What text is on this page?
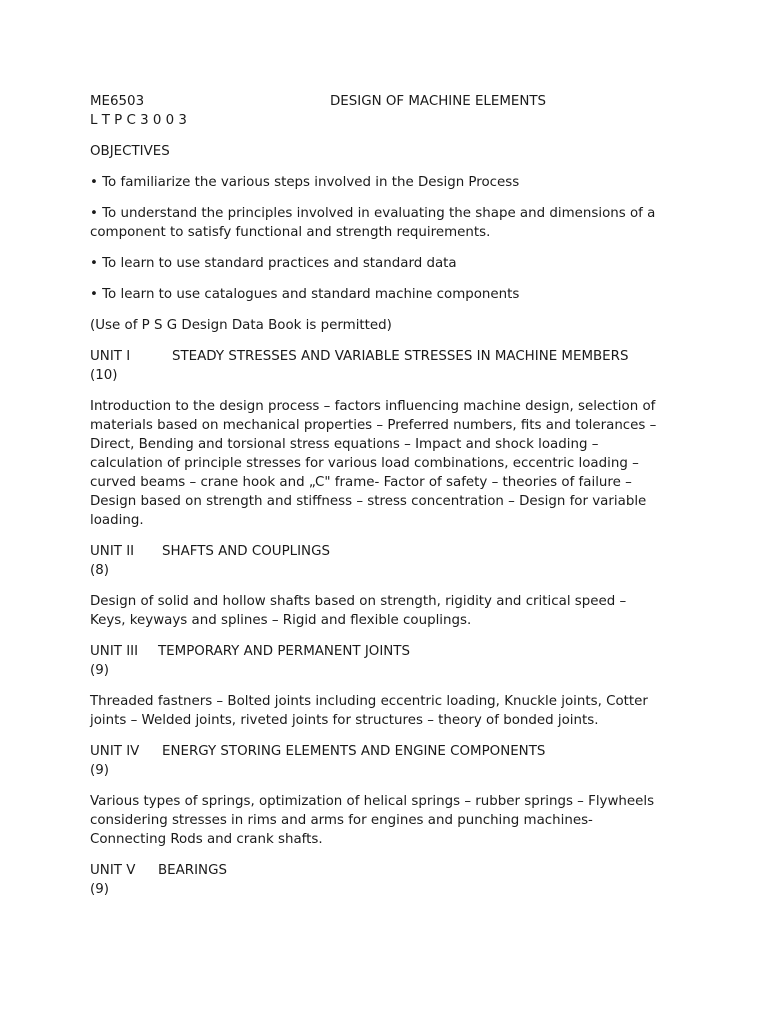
ME6503	DESIGN OF MACHINE ELEMENTS
L T P C 3 0 0 3
OBJECTIVES
• To familiarize the various steps involved in the Design Process
• To understand the principles involved in evaluating the shape and dimensions of a
component to satisfy functional and strength requirements.
• To learn to use standard practices and standard data
• To learn to use catalogues and standard machine components
(Use of P S G Design Data Book is permitted)
UNIT I	STEADY STRESSES AND VARIABLE STRESSES IN MACHINE MEMBERS
(10)
Introduction to the design process – factors influencing machine design, selection of
materials based on mechanical properties – Preferred numbers, fits and tolerances –
Direct, Bending and torsional stress equations – Impact and shock loading –
calculation of principle stresses for various load combinations, eccentric loading –
curved beams – crane hook and „C" frame- Factor of safety – theories of failure –
Design based on strength and stiffness – stress concentration – Design for variable
loading.
UNIT II SHAFTS AND COUPLINGS
(8)
Design of solid and hollow shafts based on strength, rigidity and critical speed –
Keys, keyways and splines – Rigid and flexible couplings.
UNIT III TEMPORARY AND PERMANENT JOINTS
(9)
Threaded fastners – Bolted joints including eccentric loading, Knuckle joints, Cotter
joints – Welded joints, riveted joints for structures – theory of bonded joints.
UNIT IV ENERGY STORING ELEMENTS AND ENGINE COMPONENTS
(9)
Various types of springs, optimization of helical springs – rubber springs – Flywheels
considering stresses in rims and arms for engines and punching machines-
Connecting Rods and crank shafts.
UNIT V BEARINGS
(9)
